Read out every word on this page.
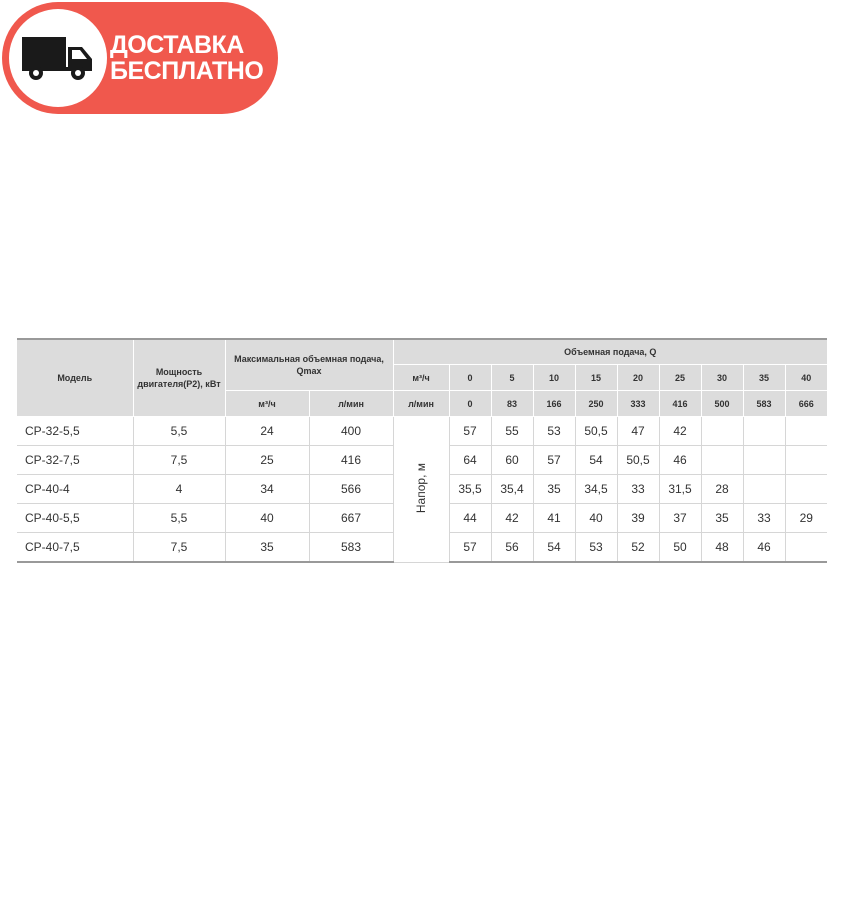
ДОСТАВКА
БЕСПЛАТНО
Модель	Мощность двигателя(P2), кВт	Максимальная объемная подача, Qmax		Объемная подача, Q									
				м³/ч	0	5	10	15	20	25	30	35	40
		м³/ч	л/мин	л/мин	0	83	166	250	333	416	500	583	666
CP-32-5,5	5,5	24	400	Напор, м	57	55	53	50,5	47	42			
CP-32-7,5	7,5	25	416		64	60	57	54	50,5	46			
CP-40-4	4	34	566		35,5	35,4	35	34,5	33	31,5	28		
CP-40-5,5	5,5	40	667		44	42	41	40	39	37	35	33	29
CP-40-7,5	7,5	35	583		57	56	54	53	52	50	48	46	
